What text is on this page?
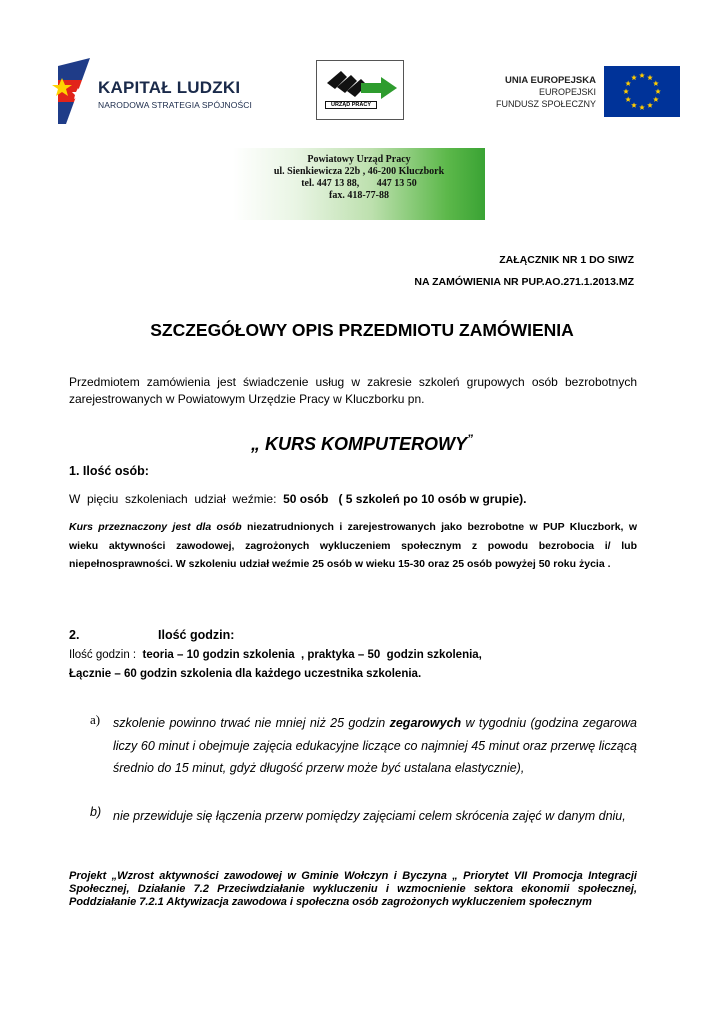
KAPITAŁ LUDZKI
NARODOWA STRATEGIA SPÓJNOŚCI	URZĄD PRACY
UNIA EUROPEJSKA
EUROPEJSKI
FUNDUSZ SPOŁECZNY
Powiatowy Urząd Pracy
ul. Sienkiewicza 22b , 46-200 Kluczbork
tel. 447 13 88,       447 13 50
fax. 418-77-88
ZAŁĄCZNIK NR 1 DO SIWZ
NA ZAMÓWIENIA NR PUP.AO.271.1.2013.MZ
SZCZEGÓŁOWY OPIS PRZEDMIOTU ZAMÓWIENIA
Przedmiotem zamówienia jest świadczenie usług w zakresie szkoleń grupowych osób bezrobotnych zarejestrowanych w Powiatowym Urzędzie Pracy w Kluczborku pn.
„ KURS KOMPUTEROWY”
1. Ilość osób:
W  pięciu  szkoleniach  udział  weźmie:  50 osób   ( 5 szkoleń po 10 osób w grupie).
Kurs przeznaczony jest dla osób niezatrudnionych i zarejestrowanych jako bezrobotne w PUP Kluczbork, w wieku aktywności zawodowej, zagrożonych wykluczeniem społecznym z powodu bezrobocia i/ lub niepełnosprawności. W szkoleniu udział weźmie 25 osób w wieku 15-30 oraz 25 osób powyżej 50 roku życia .
2.	Ilość godzin:
Ilość godzin :  teoria – 10 godzin szkolenia  , praktyka – 50  godzin szkolenia,
Łącznie – 60 godzin szkolenia dla każdego uczestnika szkolenia.
a) szkolenie powinno trwać nie mniej niż 25 godzin zegarowych w tygodniu (godzina zegarowa liczy 60 minut i obejmuje zajęcia edukacyjne liczące co najmniej 45 minut oraz przerwę liczącą średnio do 15 minut, gdyż długość przerw może być ustalana elastycznie),
b) nie przewiduje się łączenia przerw pomiędzy zajęciami celem skrócenia zajęć w danym dniu,
Projekt „Wzrost aktywności zawodowej w Gminie Wołczyn i Byczyna „ Priorytet VII Promocja Integracji Społecznej, Działanie 7.2 Przeciwdziałanie wykluczeniu i wzmocnienie sektora ekonomii społecznej, Poddziałanie 7.2.1 Aktywizacja zawodowa i społeczna osób zagrożonych wykluczeniem społecznym
